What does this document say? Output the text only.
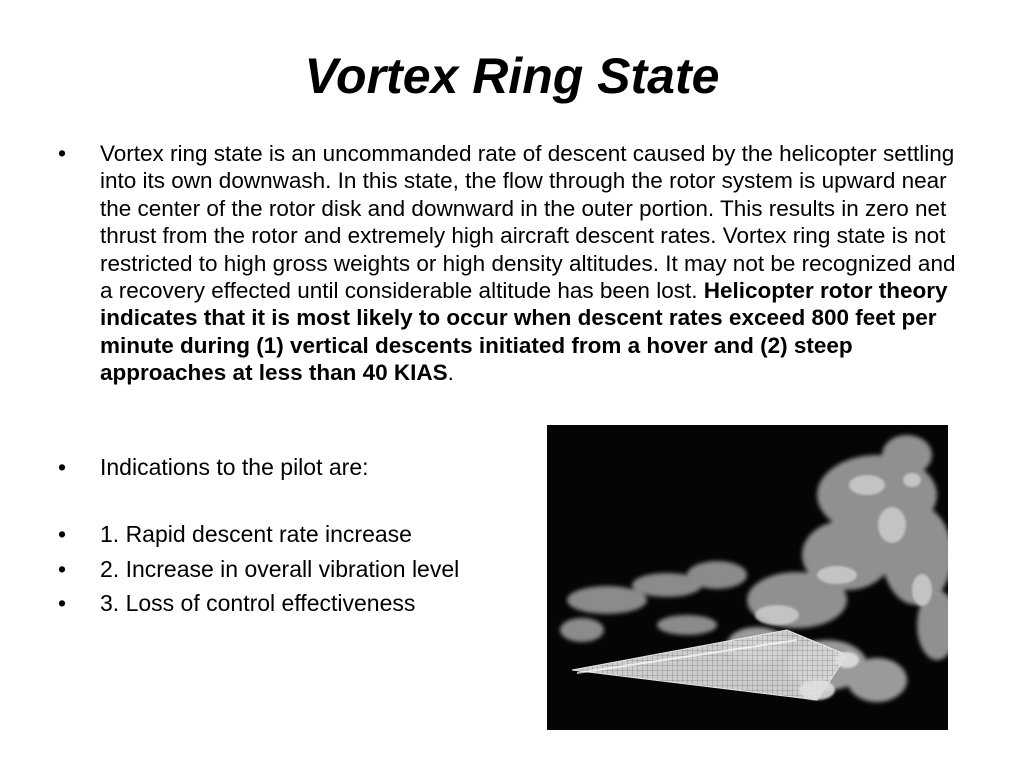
Vortex Ring State
• Vortex ring state is an uncommanded rate of descent caused by the helicopter settling into its own downwash. In this state, the flow through the rotor system is upward near the center of the rotor disk and downward in the outer portion. This results in zero net thrust from the rotor and extremely high aircraft descent rates. Vortex ring state is not restricted to high gross weights or high density altitudes. It may not be recognized and a recovery effected until considerable altitude has been lost. Helicopter rotor theory indicates that it is most likely to occur when descent rates exceed 800 feet per minute during (1) vertical descents initiated from a hover and (2) steep approaches at less than 40 KIAS.
• Indications to the pilot are:
• 1. Rapid descent rate increase
• 2. Increase in overall vibration level
• 3. Loss of control effectiveness
